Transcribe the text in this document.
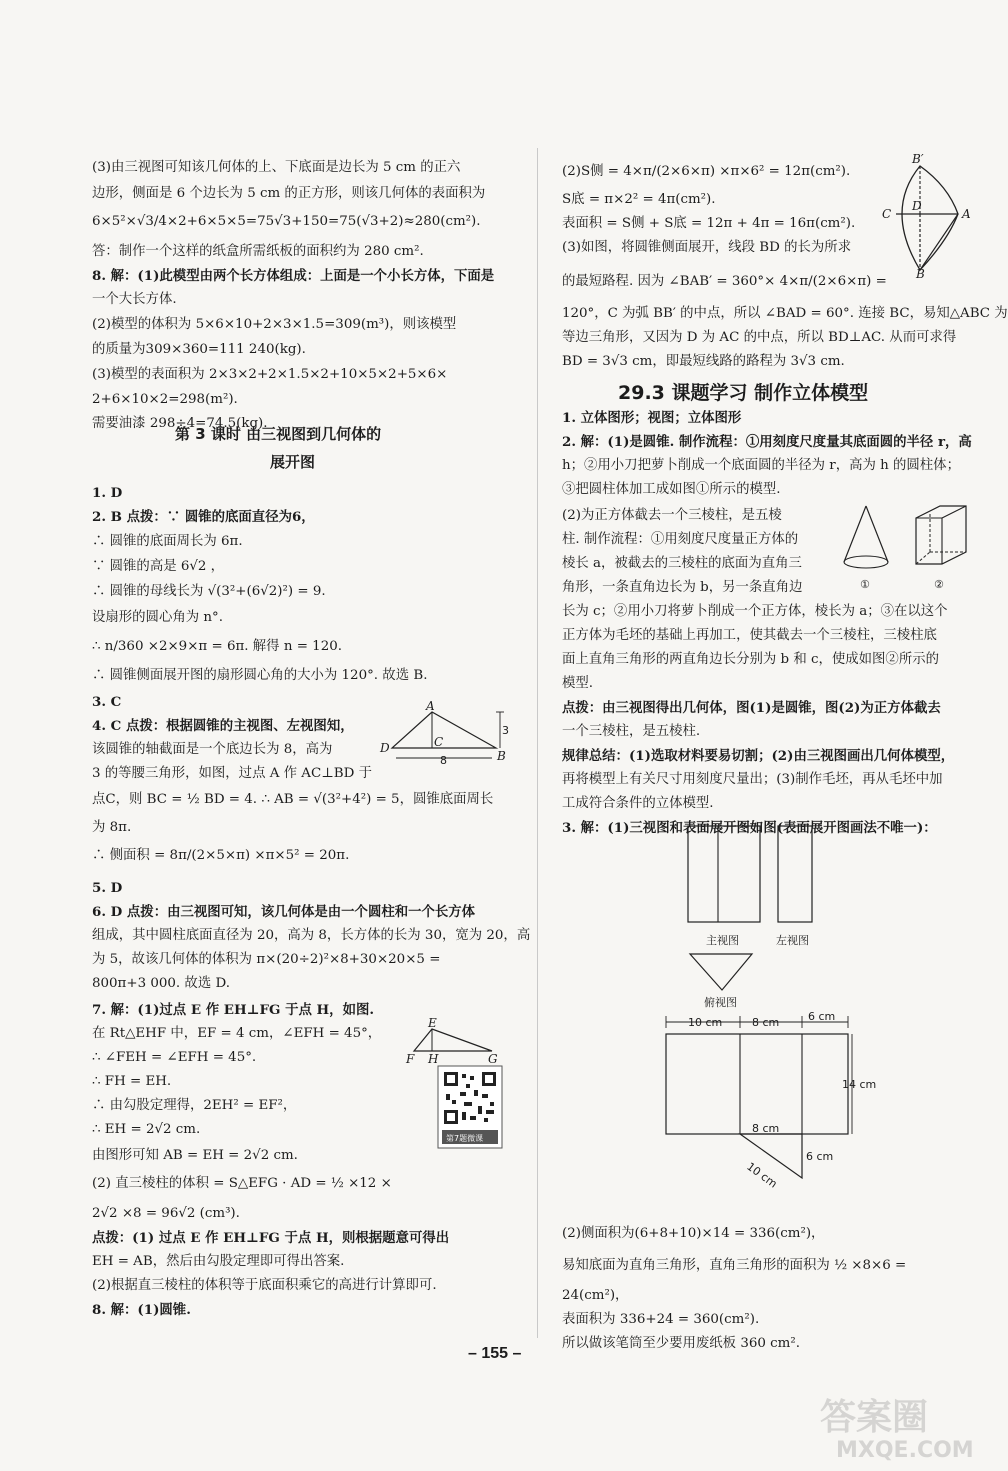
(3)由三视图可知该几何体的上、下底面是边长为 5 cm 的正六
边形，侧面是 6 个边长为 5 cm 的正方形，则该几何体的表面积为
6×5²×√3/4×2+6×5×5=75√3+150=75(√3+2)≈280(cm²).
答：制作一个这样的纸盒所需纸板的面积约为 280 cm².
8. 解：(1)此模型由两个长方体组成：上面是一个小长方体，下面是
一个大长方体.
(2)模型的体积为 5×6×10+2×3×1.5=309(m³)，则该模型
的质量为309×360=111 240(kg).
(3)模型的表面积为 2×3×2+2×1.5×2+10×5×2+5×6×
2+6×10×2=298(m²).
需要油漆 298÷4=74.5(kg).
1. D
2. B 点拨：∵ 圆锥的底面直径为6，
∴ 圆锥的底面周长为 6π.
∵ 圆锥的高是 6√2 ，
∴ 圆锥的母线长为 √(3²+(6√2)²) = 9.
设扇形的圆心角为 n°.
∴ n/360 ×2×9×π = 6π. 解得 n = 120.
∴ 圆锥侧面展开图的扇形圆心角的大小为 120°. 故选 B.
3. C
4. C 点拨：根据圆锥的主视图、左视图知，
该圆锥的轴截面是一个底边长为 8，高为
3 的等腰三角形，如图，过点 A 作 AC⊥BD 于
点C，则 BC = ½ BD = 4. ∴ AB = √(3²+4²) = 5，圆锥底面周长
为 8π.
∴ 侧面积 = 8π/(2×5×π) ×π×5² = 20π.
5. D
6. D 点拨：由三视图可知，该几何体是由一个圆柱和一个长方体
组成，其中圆柱底面直径为 20，高为 8，长方体的长为 30，宽为 20，高
为 5，故该几何体的体积为 π×(20÷2)²×8+30×20×5 =
800π+3 000. 故选 D.
7. 解：(1)过点 E 作 EH⊥FG 于点 H，如图.
在 Rt△EHF 中，EF = 4 cm，∠EFH = 45°，
∴ ∠FEH = ∠EFH = 45°.
∴ FH = EH.
∴ 由勾股定理得，2EH² = EF²，
∴ EH = 2√2 cm.
由图形可知 AB = EH = 2√2 cm.
(2) 直三棱柱的体积 = S△EFG · AD = ½ ×12 ×
2√2 ×8 = 96√2 (cm³).
点拨：(1) 过点 E 作 EH⊥FG 于点 H，则根据题意可得出
EH = AB，然后由勾股定理即可得出答案.
(2)根据直三棱柱的体积等于底面积乘它的高进行计算即可.
8. 解：(1)圆锥.
(2)S侧 = 4×π/(2×6×π) ×π×6² = 12π(cm²).
S底 = π×2² = 4π(cm²).
表面积 = S侧 + S底 = 12π + 4π = 16π(cm²).
(3)如图，将圆锥侧面展开，线段 BD 的长为所求
的最短路程. 因为 ∠BAB′ = 360°× 4×π/(2×6×π) =
120°，C 为弧 BB′ 的中点，所以 ∠BAD = 60°. 连接 BC，易知△ABC 为
等边三角形，又因为 D 为 AC 的中点，所以 BD⊥AC. 从而可求得
BD = 3√3 cm，即最短线路的路程为 3√3 cm.
1. 立体图形；视图；立体图形
2. 解：(1)是圆锥. 制作流程：①用刻度尺度量其底面圆的半径 r，高
h；②用小刀把萝卜削成一个底面圆的半径为 r，高为 h 的圆柱体；
③把圆柱体加工成如图①所示的模型.
(2)为正方体截去一个三棱柱，是五棱
柱. 制作流程：①用刻度尺度量正方体的
棱长 a，被截去的三棱柱的底面为直角三
角形，一条直角边长为 b，另一条直角边
长为 c；②用小刀将萝卜削成一个正方体，棱长为 a；③在以这个
正方体为毛坯的基础上再加工，使其截去一个三棱柱，三棱柱底
面上直角三角形的两直角边长分别为 b 和 c，使成如图②所示的
模型.
点拨：由三视图得出几何体，图(1)是圆锥，图(2)为正方体截去
一个三棱柱，是五棱柱.
规律总结：(1)选取材料要易切割；(2)由三视图画出几何体模型，
再将模型上有关尺寸用刻度尺量出；(3)制作毛坯，再从毛坯中加
工成符合条件的立体模型.
3. 解：(1)三视图和表面展开图如图(表面展开图画法不唯一)：
(2)侧面积为(6+8+10)×14 = 336(cm²)，
易知底面为直角三角形，直角三角形的面积为 ½ ×8×6 =
24(cm²)，
表面积为 336+24 = 360(cm²).
所以做该笔筒至少要用废纸板 360 cm².
第 3 课时 由三视图到几何体的
展开图
29.3 课题学习 制作立体模型
– 155 –
B′
C
D
A
B
A
D	C
B
8
3
E
F H	G
第7题微课
①	②
主视图	左视图
俯视图
10 cm	8 cm	6 cm
14 cm
8 cm
10 cm
6 cm
答案圈
MXQE.COM
